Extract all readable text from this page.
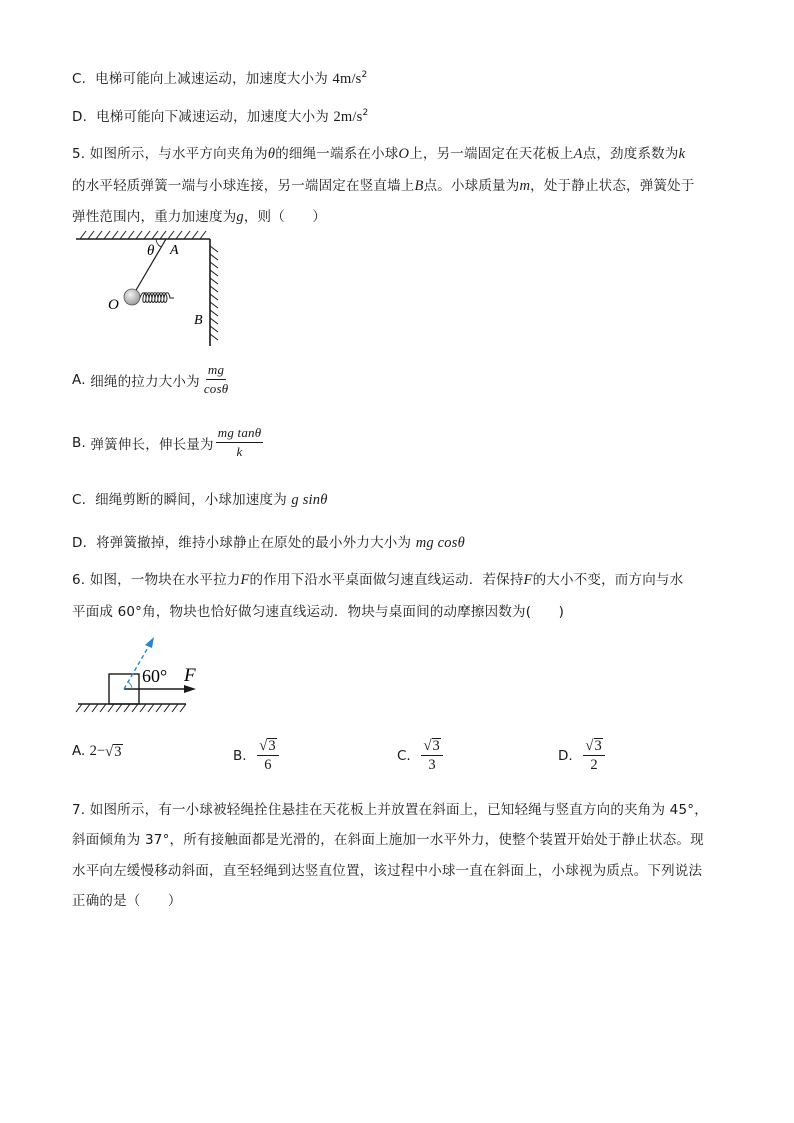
C. 电梯可能向上减速运动，加速度大小为 $4m/s^2$
D. 电梯可能向下减速运动，加速度大小为 $2m/s^2$
5. 如图所示，与水平方向夹角为θ的细绳一端系在小球O上，另一端固定在天花板上A点，劲度系数为k
的水平轻质弹簧一端与小球连接，另一端固定在竖直墙上B点。小球质量为m，处于静止状态，弹簧处于
弹性范围内，重力加速度为g，则（　　）
θ A
O
B
A.
细绳的拉力大小为 $\frac{mg}{\cos\theta}$
B.
弹簧伸长，伸长量为 $\frac{\text{mg tanθ}}{k}$
C. 细绳剪断的瞬间，小球加速度为 g sinθ
D. 将弹簧撤掉，维持小球静止在原处的最小外力大小为 mg cosθ
6. 如图，一物块在水平拉力F的作用下沿水平桌面做匀速直线运动．若保持F的大小不变，而方向与水
平面成 60°角，物块也恰好做匀速直线运动．物块与桌面间的动摩擦因数为(　　)
60° F
A.
2− √ 3	B.
$\frac{√ 3}{6}$	C.
$\frac{√ 3}{3}$	D.
$\frac{√ 3}{2}$
7. 如图所示，有一小球被轻绳拴住悬挂在天花板上并放置在斜面上，已知轻绳与竖直方向的夹角为 45°，
斜面倾角为 37°，所有接触面都是光滑的，在斜面上施加一水平外力，使整个装置开始处于静止状态。现
水平向左缓慢移动斜面，直至轻绳到达竖直位置，该过程中小球一直在斜面上，小球视为质点。下列说法
正确的是（　　）
